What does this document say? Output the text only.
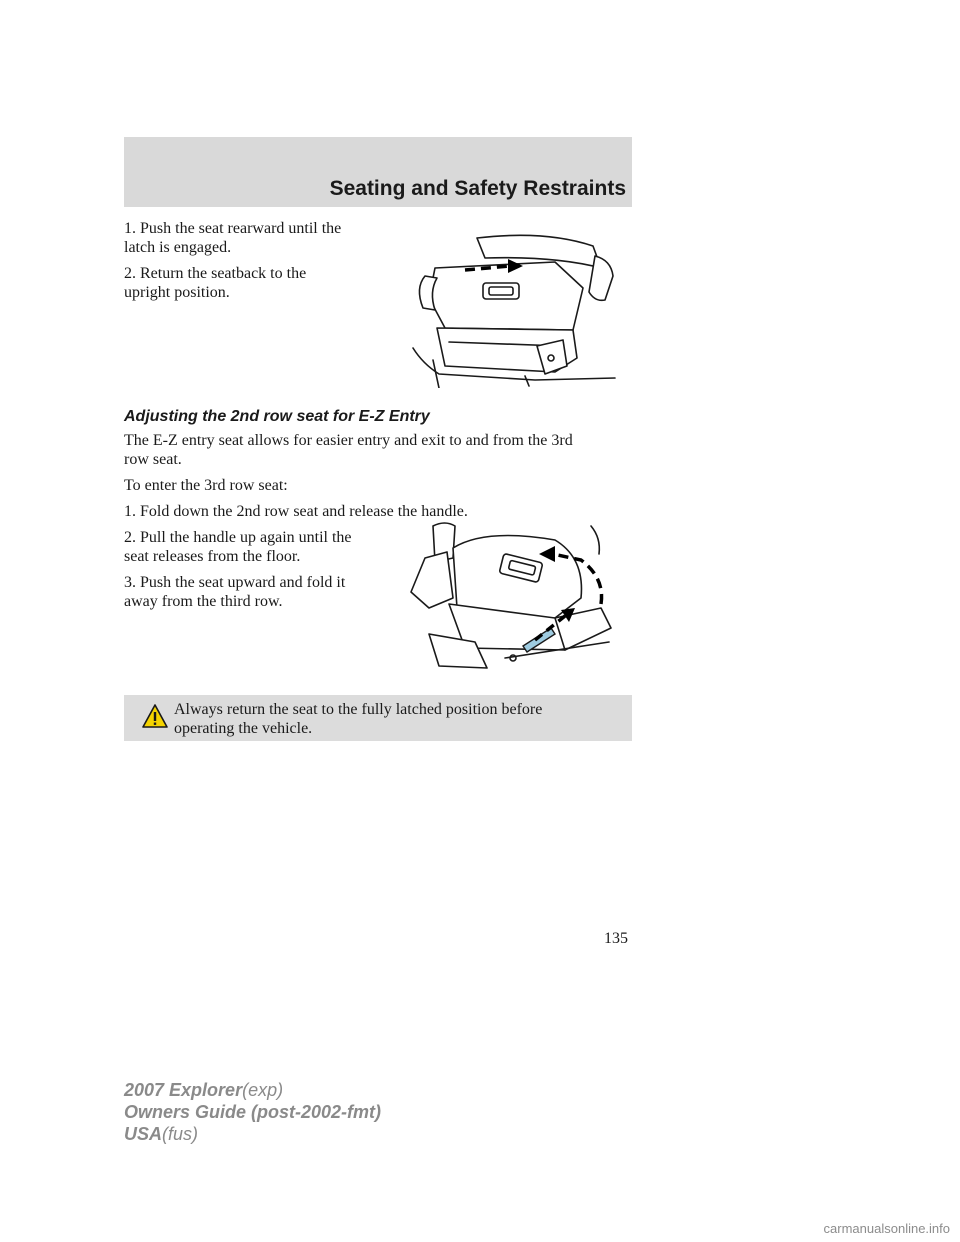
Seating and Safety Restraints

1. Push the seat rearward until the

latch is engaged.

2. Return the seatback to the

upright position.

Adjusting the 2nd row seat for E-Z Entry

The E-Z entry seat allows for easier entry and exit to and from the 3rd

row seat.

To enter the 3rd row seat:

1. Fold down the 2nd row seat and release the handle.

2. Pull the handle up again until the

seat releases from the floor.

3. Push the seat upward and fold it

away from the third row.

Always return the seat to the fully latched position before

operating the vehicle.

135

2007 Explorer(exp)
Owners Guide (post-2002-fmt)
USA(fus)
carmanualsonline.info
